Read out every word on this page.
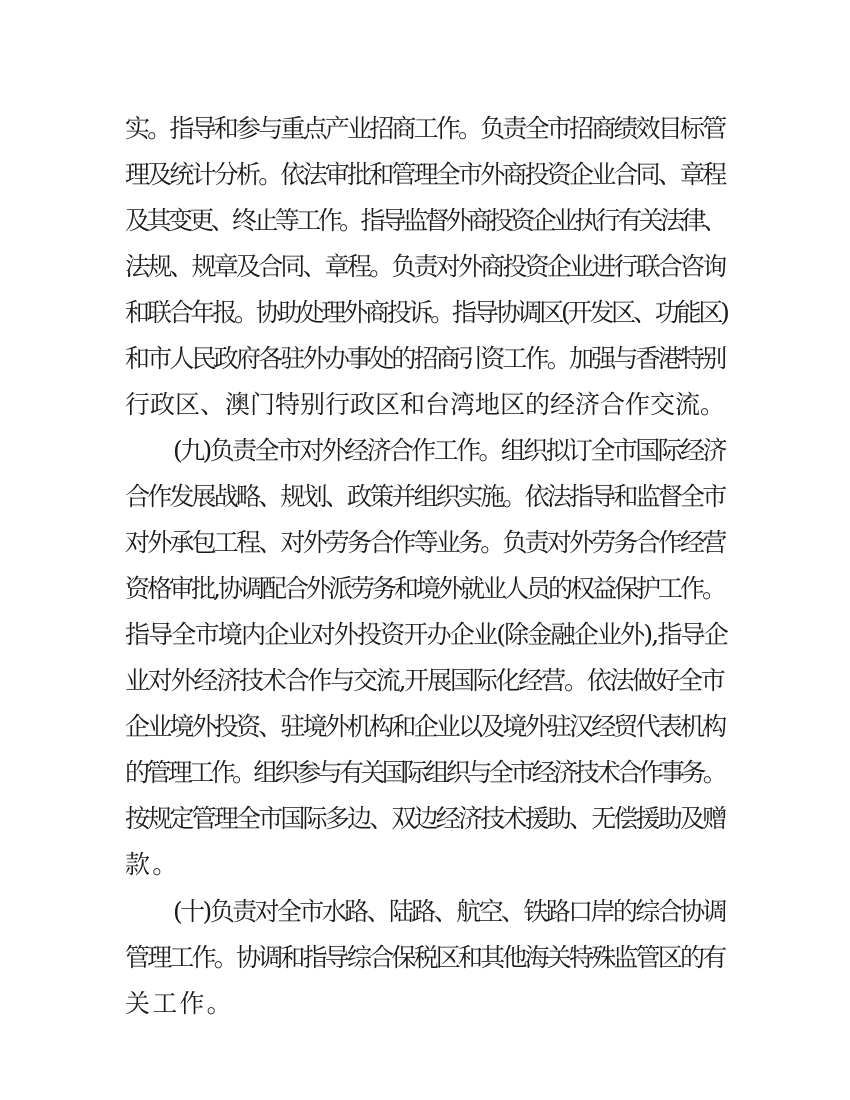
实。指导和参与重点产业招商工作。负责全市招商绩效目标管
理及统计分析。依法审批和管理全市外商投资企业合同、章程
及其变更、终止等工作。指导监督外商投资企业执行有关法律、
法规、规章及合同、章程。负责对外商投资企业进行联合咨询
和联合年报。协助处理外商投诉。指导协调区(开发区、功能区)
和市人民政府各驻外办事处的招商引资工作。加强与香港特别
行政区、澳门特别行政区和台湾地区的经济合作交流。
(九)负责全市对外经济合作工作。组织拟订全市国际经济
合作发展战略、规划、政策并组织实施。依法指导和监督全市
对外承包工程、对外劳务合作等业务。负责对外劳务合作经营
资格审批,协调配合外派劳务和境外就业人员的权益保护工作。
指导全市境内企业对外投资开办企业(除金融企业外),指导企
业对外经济技术合作与交流,开展国际化经营。依法做好全市
企业境外投资、驻境外机构和企业以及境外驻汉经贸代表机构
的管理工作。组织参与有关国际组织与全市经济技术合作事务。
按规定管理全市国际多边、双边经济技术援助、无偿援助及赠
款。
(十)负责对全市水路、陆路、航空、铁路口岸的综合协调
管理工作。协调和指导综合保税区和其他海关特殊监管区的有
关工作。
